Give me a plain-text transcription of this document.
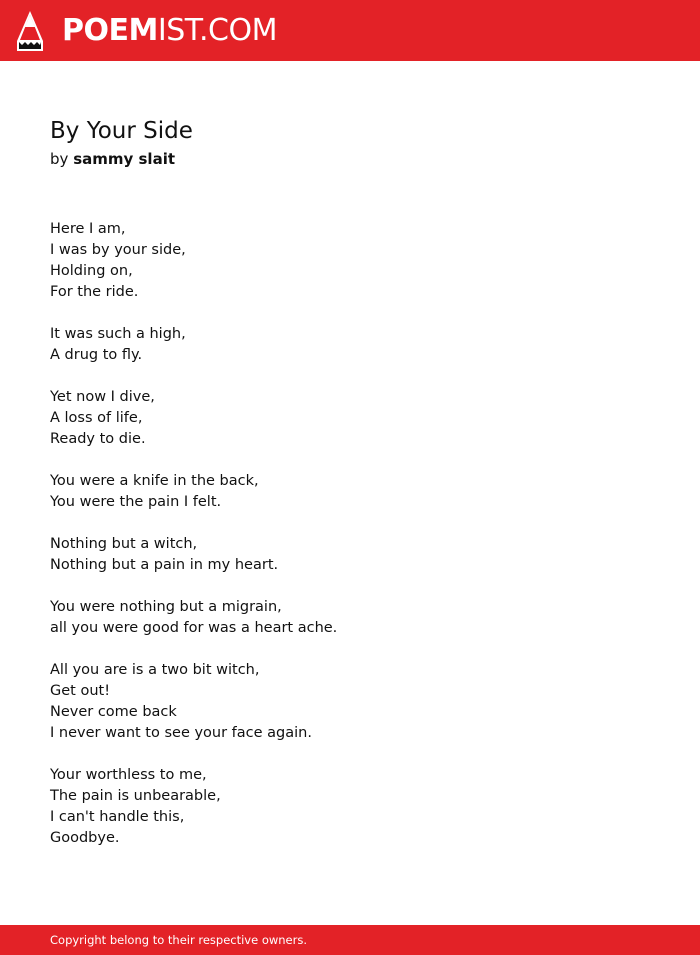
POEMIST.COM
By Your Side
by sammy slait
Here I am,
I was by your side,
Holding on,
For the ride.
It was such a high,
A drug to fly.
Yet now I dive,
A loss of life,
Ready to die.
You were a knife in the back,
You were the pain I felt.
Nothing but a witch,
Nothing but a pain in my heart.
You were nothing but a migrain,
all you were good for was a heart ache.
All you are is a two bit witch,
Get out!
Never come back
I never want to see your face again.
Your worthless to me,
The pain is unbearable,
I can't handle this,
Goodbye.
Copyright belong to their respective owners.
